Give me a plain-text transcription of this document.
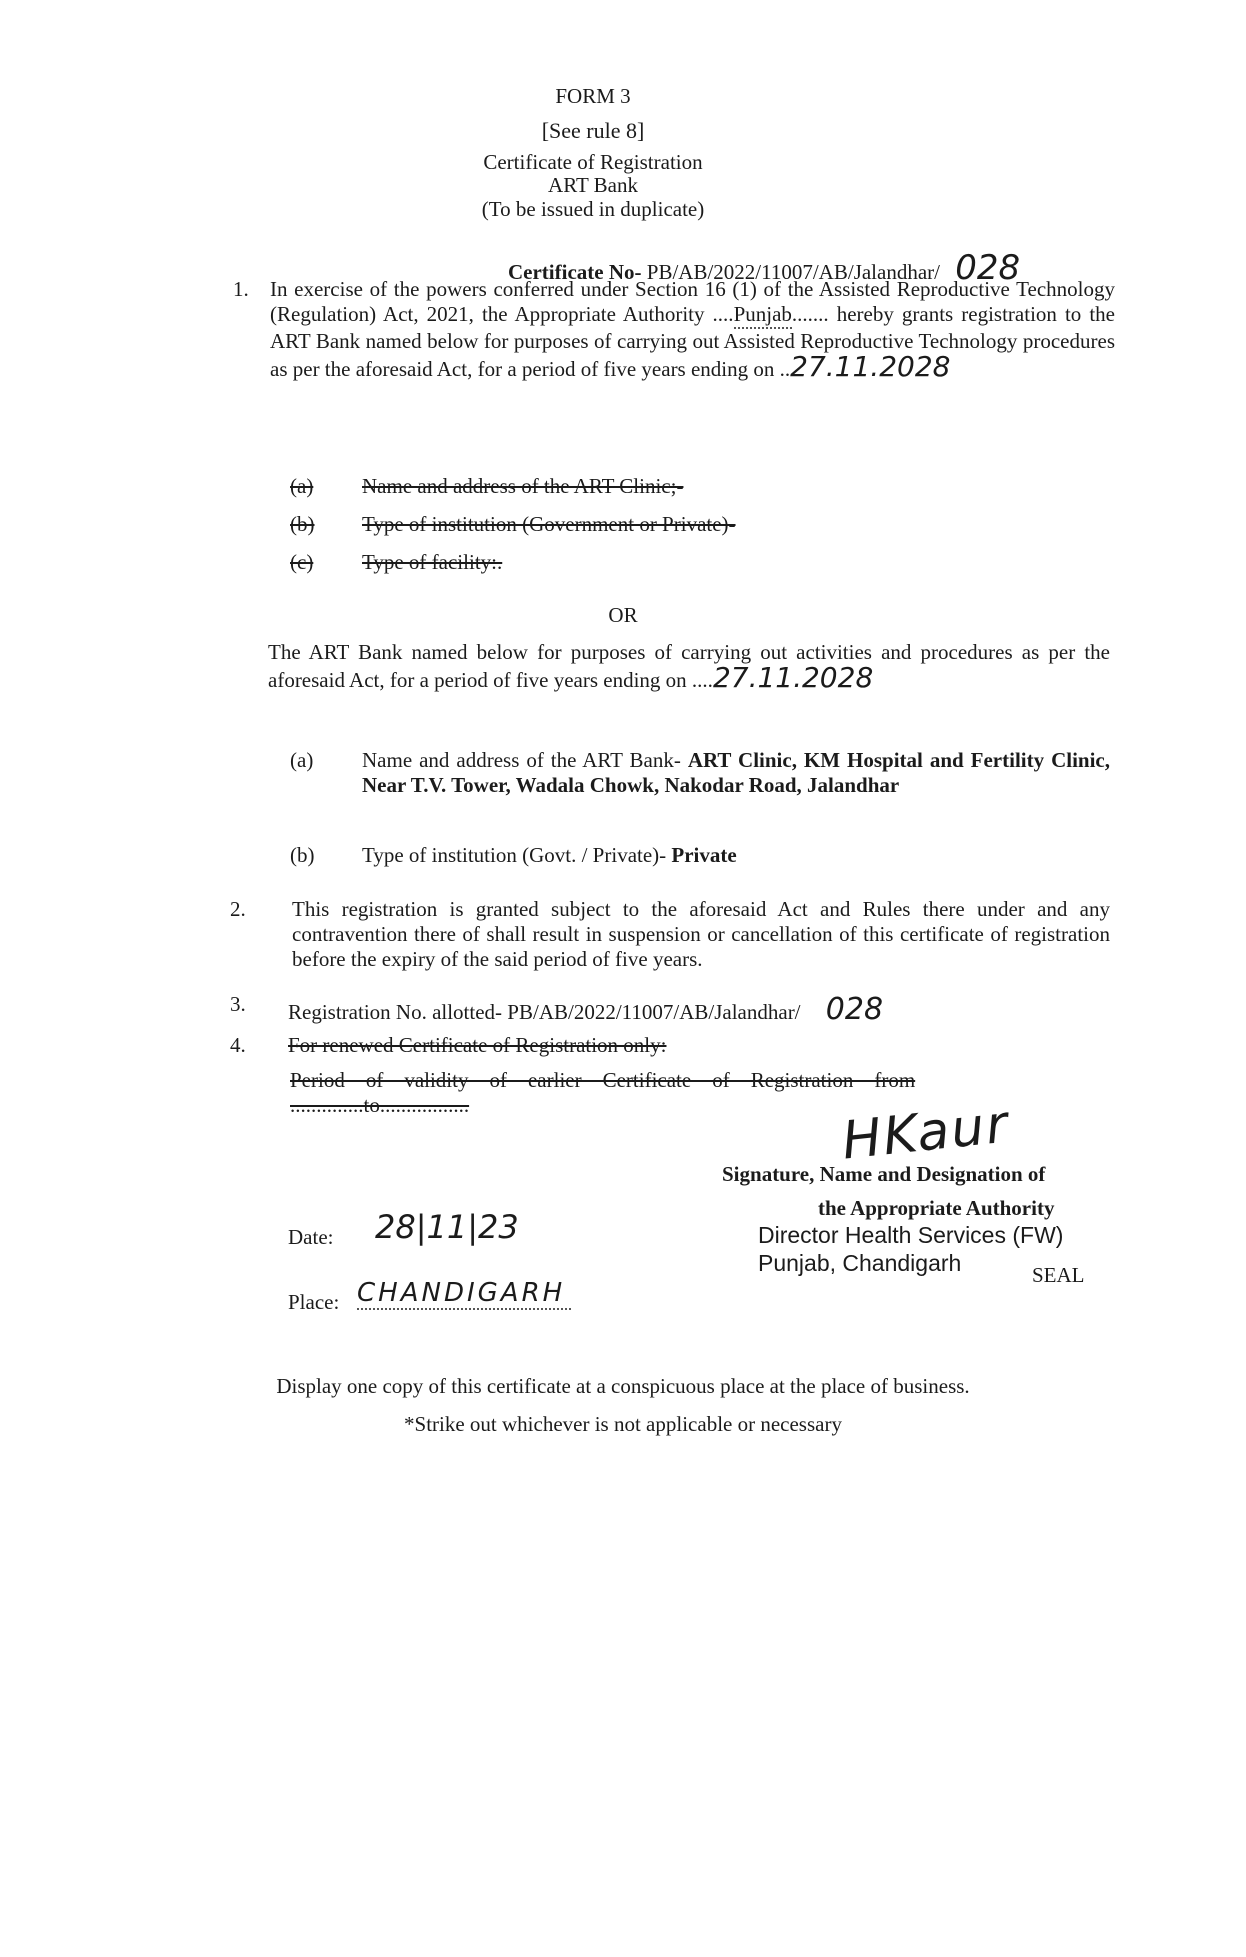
FORM 3
[See rule 8]
Certificate of Registration
ART Bank
(To be issued in duplicate)
Certificate No- PB/AB/2022/11007/AB/Jalandhar/ 028
1. In exercise of the powers conferred under Section 16 (1) of the Assisted Reproductive Technology (Regulation) Act, 2021, the Appropriate Authority ....Punjab....... hereby grants registration to the ART Bank named below for purposes of carrying out Assisted Reproductive Technology procedures as per the aforesaid Act, for a period of five years ending on ..27.11.2028
(a) Name and address of the ART Clinic;-
(b) Type of institution (Government or Private)-
(c) Type of facility:.
OR
The ART Bank named below for purposes of carrying out activities and procedures as per the aforesaid Act, for a period of five years ending on ....27.11.2028
(a) Name and address of the ART Bank- ART Clinic, KM Hospital and Fertility Clinic, Near T.V. Tower, Wadala Chowk, Nakodar Road, Jalandhar
(b) Type of institution (Govt. / Private)- Private
2. This registration is granted subject to the aforesaid Act and Rules there under and any contravention there of shall result in suspension or cancellation of this certificate of registration before the expiry of the said period of five years.
3. Registration No. allotted- PB/AB/2022/11007/AB/Jalandhar/ 028
4. For renewed Certificate of Registration only:
Period    of    validity    of    earlier    Certificate    of    Registration    from
..............to.................	HKaur
Signature, Name and Designation of
the Appropriate Authority
Director Health Services (FW)
Punjab, Chandigarh	SEAL
Date: 28|11|23
Place: CHANDIGARH
Display one copy of this certificate at a conspicuous place at the place of business.
*Strike out whichever is not applicable or necessary
